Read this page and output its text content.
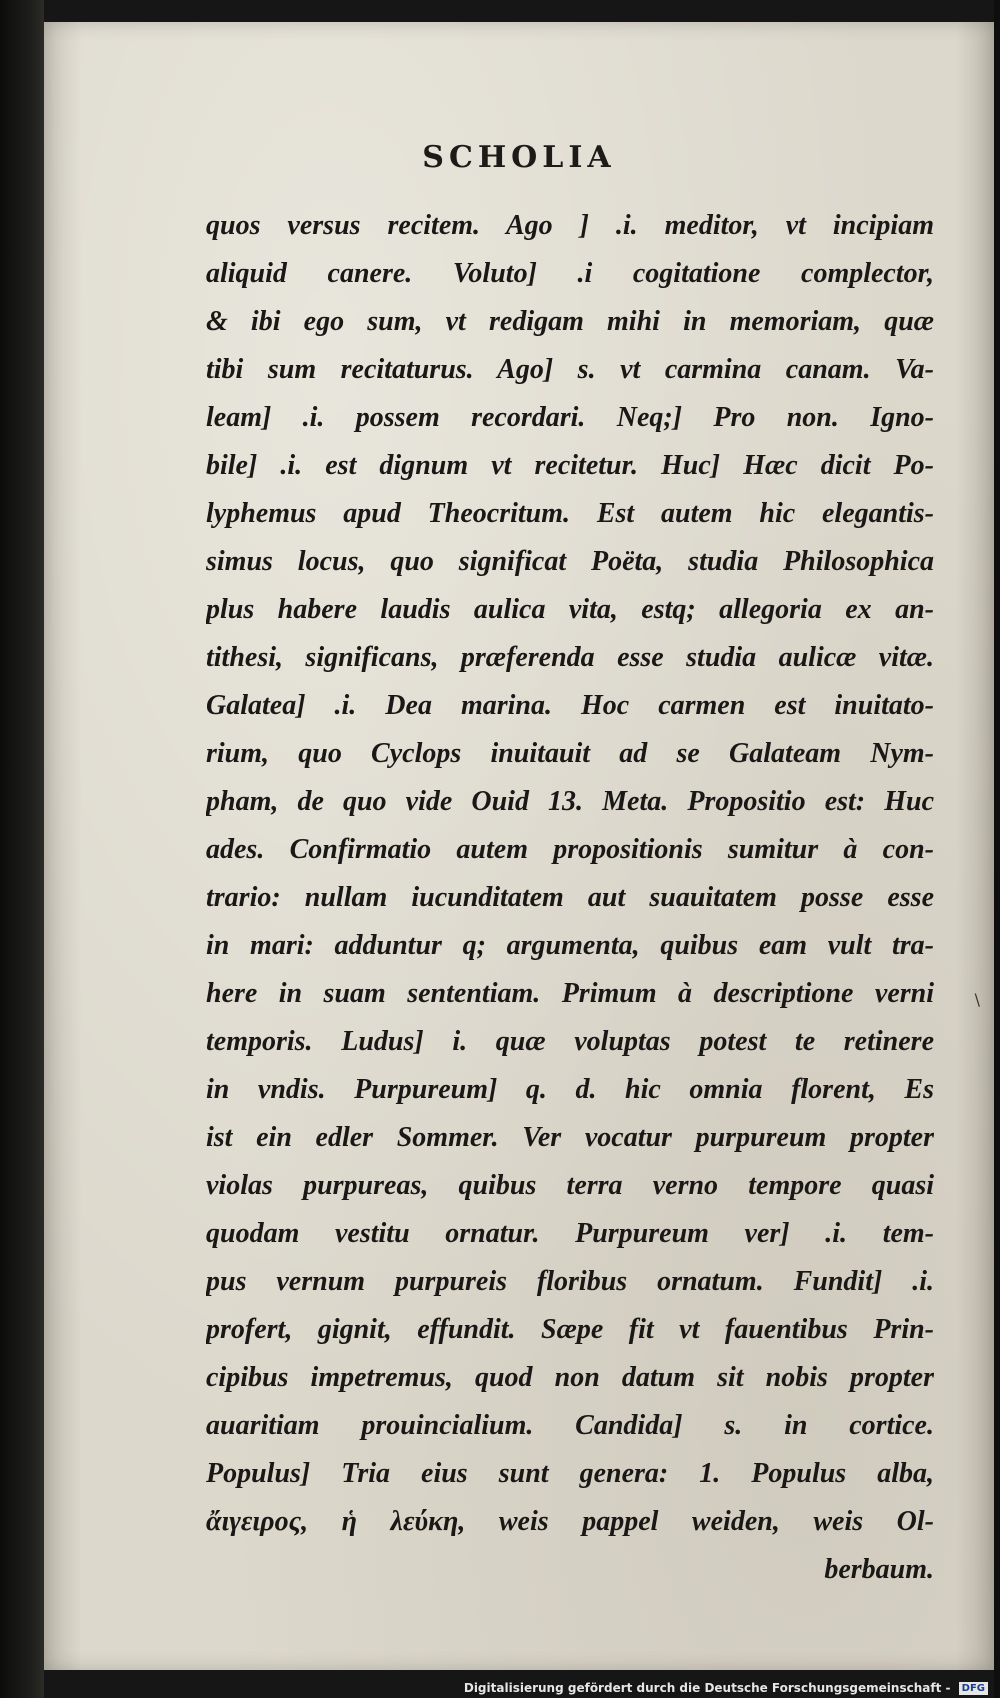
SCHOLIA
quos versus recitem. Ago ] .i. meditor, vt incipiam
aliquid canere. Voluto] .i cogitatione complector,
& ibi ego sum, vt redigam mihi in memoriam, quæ
tibi sum recitaturus. Ago] s. vt carmina canam. Va-
leam] .i. possem recordari. Neq;] Pro non. Igno-
bile] .i. est dignum vt recitetur. Huc] Hæc dicit Po-
lyphemus apud Theocritum. Est autem hic elegantis-
simus locus, quo significat Poëta, studia Philosophica
plus habere laudis aulica vita, estq; allegoria ex an-
tithesi, significans, præferenda esse studia aulicæ vitæ.
Galatea] .i. Dea marina. Hoc carmen est inuitato-
rium, quo Cyclops inuitauit ad se Galateam Nym-
pham, de quo vide Ouid 13. Meta. Propositio est: Huc
ades. Confirmatio autem propositionis sumitur à con-
trario: nullam iucunditatem aut suauitatem posse esse
in mari: adduntur q; argumenta, quibus eam vult tra-
here in suam sententiam. Primum à descriptione verni
temporis. Ludus] i. quæ voluptas potest te retinere
in vndis. Purpureum] q. d. hic omnia florent, Es
ist ein edler Sommer. Ver vocatur purpureum propter
violas purpureas, quibus terra verno tempore quasi
quodam vestitu ornatur. Purpureum ver] .i. tem-
pus vernum purpureis floribus ornatum. Fundit] .i.
profert, gignit, effundit. Sæpe fit vt fauentibus Prin-
cipibus impetremus, quod non datum sit nobis propter
auaritiam prouincialium. Candida] s. in cortice.
Populus] Tria eius sunt genera: 1. Populus alba,
ἄιγειρος, ἡ λεύκη, weis pappel weiden, weis Ol-
berbaum.
\
Digitalisierung gefördert durch die Deutsche Forschungsgemeinschaft - DFG
